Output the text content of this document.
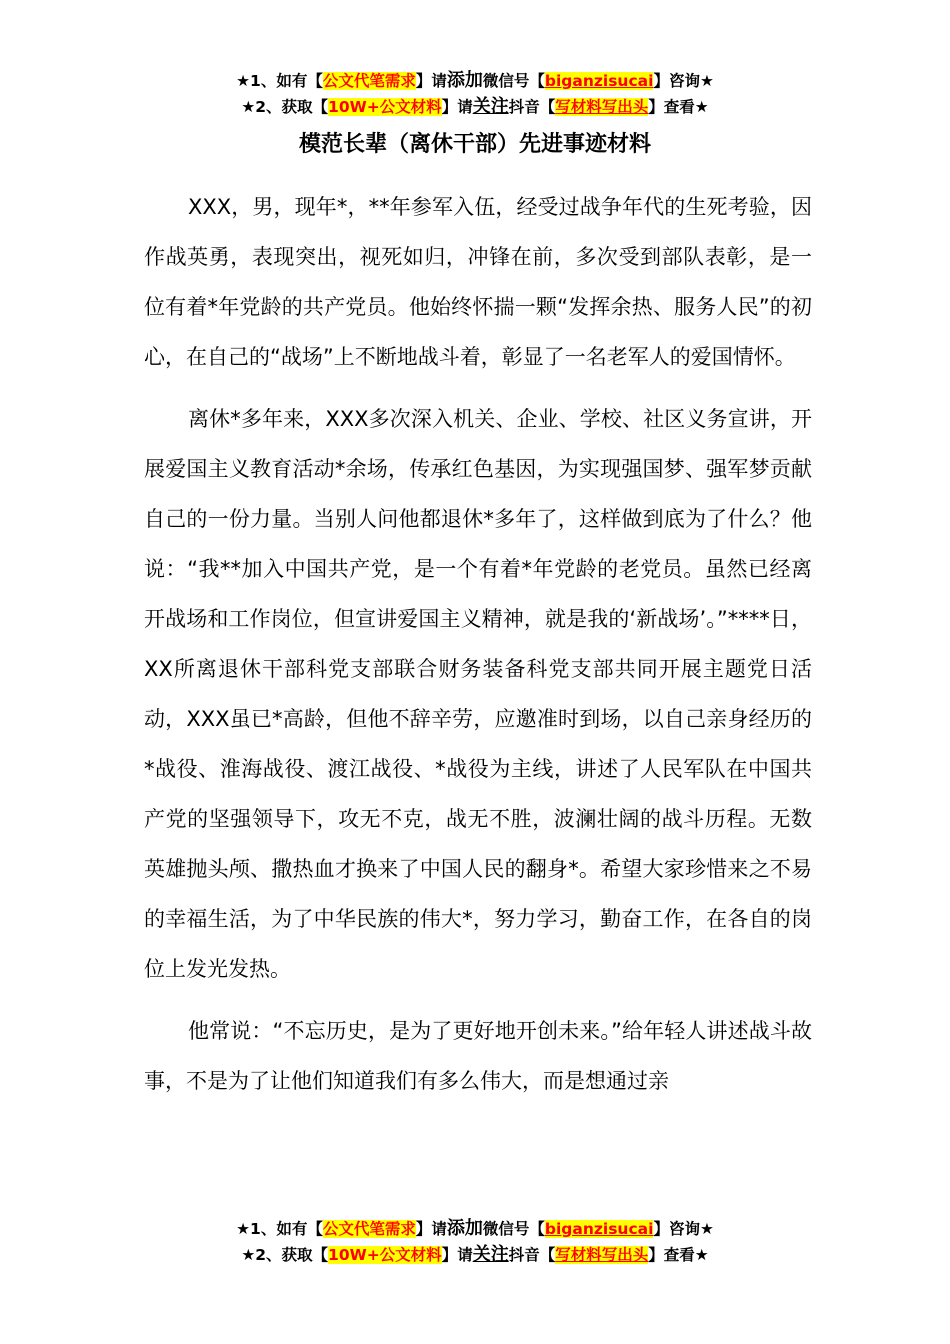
★1、如有【公文代笔需求】请添加微信号【biganzisucai】咨询★
★2、获取【10W+公文材料】请关注抖音【写材料写出头】查看★
模范长辈（离休干部）先进事迹材料

XXX，男，现年*，**年参军入伍，经受过战争年代的生死考验，因作战英勇，表现突出，视死如归，冲锋在前，多次受到部队表彰，是一位有着*年党龄的共产党员。他始终怀揣一颗“发挥余热、服务人民”的初心，在自己的“战场”上不断地战斗着，彰显了一名老军人的爱国情怀。

离休*多年来，XXX多次深入机关、企业、学校、社区义务宣讲，开展爱国主义教育活动*余场，传承红色基因，为实现强国梦、强军梦贡献自己的一份力量。当别人问他都退休*多年了，这样做到底为了什么？他说：“我**加入中国共产党，是一个有着*年党龄的老党员。虽然已经离开战场和工作岗位，但宣讲爱国主义精神，就是我的‘新战场’。”****日，XX所离退休干部科党支部联合财务装备科党支部共同开展主题党日活动，XXX虽已*高龄，但他不辞辛劳，应邀准时到场，以自己亲身经历的*战役、淮海战役、渡江战役、*战役为主线，讲述了人民军队在中国共产党的坚强领导下，攻无不克，战无不胜，波澜壮阔的战斗历程。无数英雄抛头颅、撒热血才换来了中国人民的翻身*。希望大家珍惜来之不易的幸福生活，为了中华民族的伟大*，努力学习，勤奋工作，在各自的岗位上发光发热。

他常说：“不忘历史，是为了更好地开创未来。”给年轻人讲述战斗故事，不是为了让他们知道我们有多么伟大，而是想通过亲

★1、如有【公文代笔需求】请添加微信号【biganzisucai】咨询★
★2、获取【10W+公文材料】请关注抖音【写材料写出头】查看★
